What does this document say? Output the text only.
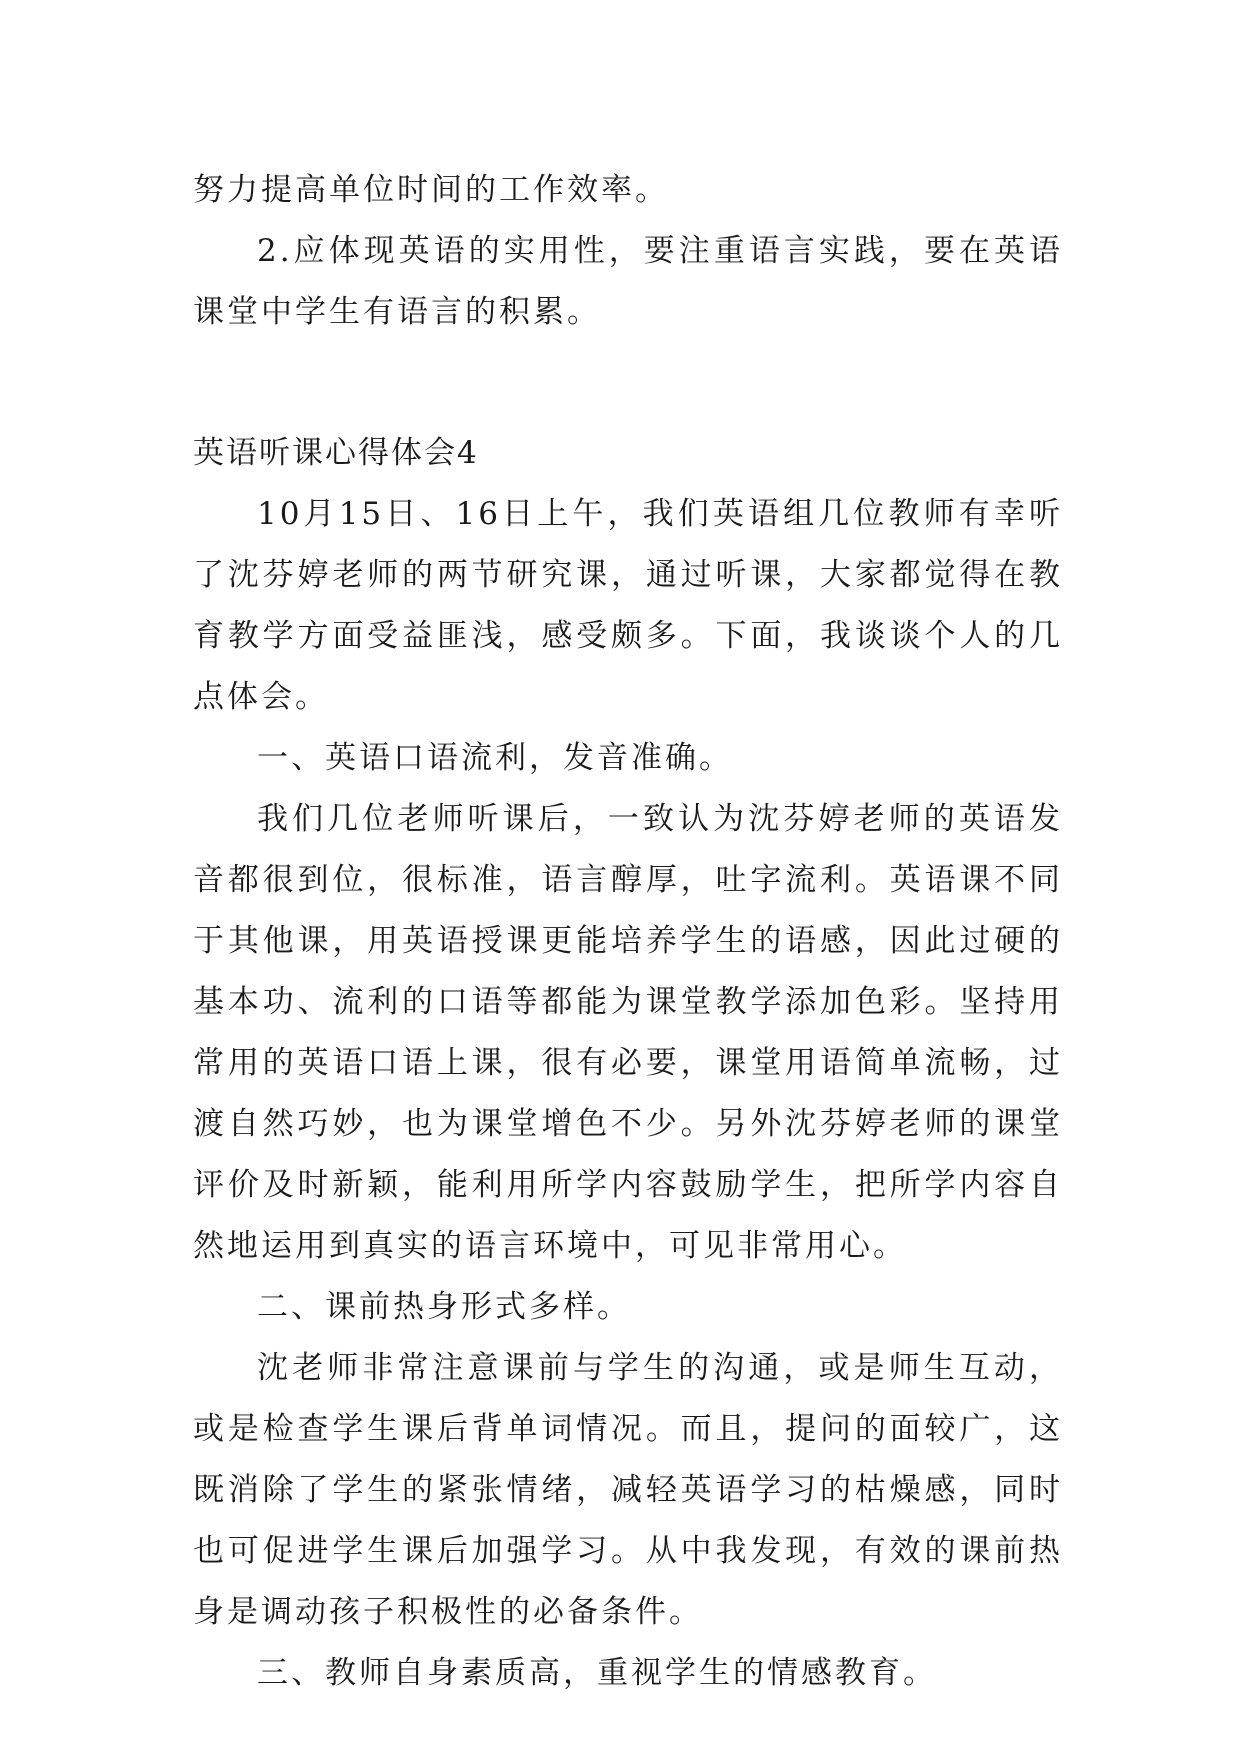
努力提高单位时间的工作效率。

2.应体现英语的实用性，要注重语言实践，要在英语课堂中学生有语言的积累。

英语听课心得体会4

10月15日、16日上午，我们英语组几位教师有幸听了沈芬婷老师的两节研究课，通过听课，大家都觉得在教育教学方面受益匪浅，感受颇多。下面，我谈谈个人的几点体会。

一、英语口语流利，发音准确。

我们几位老师听课后，一致认为沈芬婷老师的英语发音都很到位，很标准，语言醇厚，吐字流利。英语课不同于其他课，用英语授课更能培养学生的语感，因此过硬的基本功、流利的口语等都能为课堂教学添加色彩。坚持用常用的英语口语上课，很有必要，课堂用语简单流畅，过渡自然巧妙，也为课堂增色不少。另外沈芬婷老师的课堂评价及时新颖，能利用所学内容鼓励学生，把所学内容自然地运用到真实的语言环境中，可见非常用心。

二、课前热身形式多样。

沈老师非常注意课前与学生的沟通，或是师生互动，或是检查学生课后背单词情况。而且，提问的面较广，这既消除了学生的紧张情绪，减轻英语学习的枯燥感，同时也可促进学生课后加强学习。从中我发现，有效的课前热身是调动孩子积极性的必备条件。

三、教师自身素质高，重视学生的情感教育。
